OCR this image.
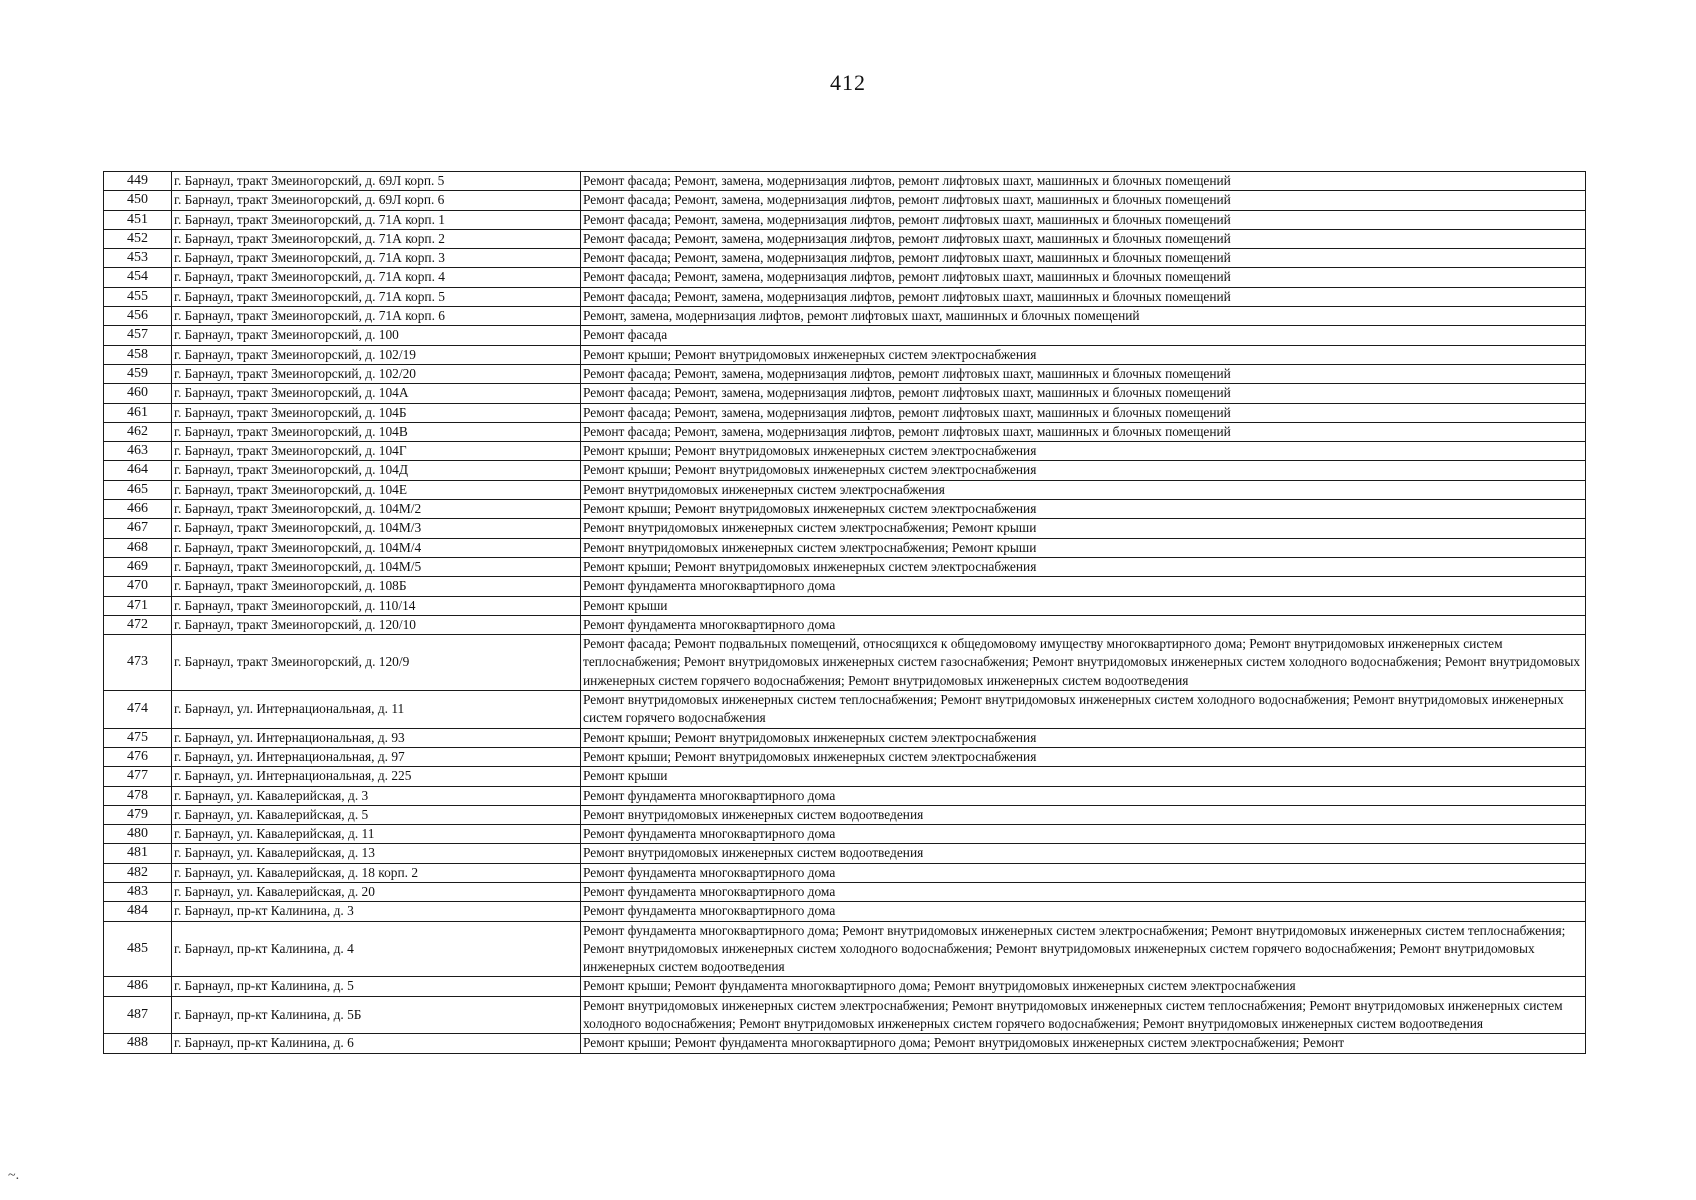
412
449	г. Барнаул, тракт Змеиногорский, д. 69Л корп. 5	Ремонт фасада; Ремонт, замена, модернизация лифтов, ремонт лифтовых шахт, машинных и блочных помещений
450	г. Барнаул, тракт Змеиногорский, д. 69Л корп. 6	Ремонт фасада; Ремонт, замена, модернизация лифтов, ремонт лифтовых шахт, машинных и блочных помещений
451	г. Барнаул, тракт Змеиногорский, д. 71А корп. 1	Ремонт фасада; Ремонт, замена, модернизация лифтов, ремонт лифтовых шахт, машинных и блочных помещений
452	г. Барнаул, тракт Змеиногорский, д. 71А корп. 2	Ремонт фасада; Ремонт, замена, модернизация лифтов, ремонт лифтовых шахт, машинных и блочных помещений
453	г. Барнаул, тракт Змеиногорский, д. 71А корп. 3	Ремонт фасада; Ремонт, замена, модернизация лифтов, ремонт лифтовых шахт, машинных и блочных помещений
454	г. Барнаул, тракт Змеиногорский, д. 71А корп. 4	Ремонт фасада; Ремонт, замена, модернизация лифтов, ремонт лифтовых шахт, машинных и блочных помещений
455	г. Барнаул, тракт Змеиногорский, д. 71А корп. 5	Ремонт фасада; Ремонт, замена, модернизация лифтов, ремонт лифтовых шахт, машинных и блочных помещений
456	г. Барнаул, тракт Змеиногорский, д. 71А корп. 6	Ремонт, замена, модернизация лифтов, ремонт лифтовых шахт, машинных и блочных помещений
457	г. Барнаул, тракт Змеиногорский, д. 100	Ремонт фасада
458	г. Барнаул, тракт Змеиногорский, д. 102/19	Ремонт крыши; Ремонт внутридомовых инженерных систем электроснабжения
459	г. Барнаул, тракт Змеиногорский, д. 102/20	Ремонт фасада; Ремонт, замена, модернизация лифтов, ремонт лифтовых шахт, машинных и блочных помещений
460	г. Барнаул, тракт Змеиногорский, д. 104А	Ремонт фасада; Ремонт, замена, модернизация лифтов, ремонт лифтовых шахт, машинных и блочных помещений
461	г. Барнаул, тракт Змеиногорский, д. 104Б	Ремонт фасада; Ремонт, замена, модернизация лифтов, ремонт лифтовых шахт, машинных и блочных помещений
462	г. Барнаул, тракт Змеиногорский, д. 104В	Ремонт фасада; Ремонт, замена, модернизация лифтов, ремонт лифтовых шахт, машинных и блочных помещений
463	г. Барнаул, тракт Змеиногорский, д. 104Г	Ремонт крыши; Ремонт внутридомовых инженерных систем электроснабжения
464	г. Барнаул, тракт Змеиногорский, д. 104Д	Ремонт крыши; Ремонт внутридомовых инженерных систем электроснабжения
465	г. Барнаул, тракт Змеиногорский, д. 104Е	Ремонт внутридомовых инженерных систем электроснабжения
466	г. Барнаул, тракт Змеиногорский, д. 104М/2	Ремонт крыши; Ремонт внутридомовых инженерных систем электроснабжения
467	г. Барнаул, тракт Змеиногорский, д. 104М/3	Ремонт внутридомовых инженерных систем электроснабжения; Ремонт крыши
468	г. Барнаул, тракт Змеиногорский, д. 104М/4	Ремонт внутридомовых инженерных систем электроснабжения; Ремонт крыши
469	г. Барнаул, тракт Змеиногорский, д. 104М/5	Ремонт крыши; Ремонт внутридомовых инженерных систем электроснабжения
470	г. Барнаул, тракт Змеиногорский, д. 108Б	Ремонт фундамента многоквартирного дома
471	г. Барнаул, тракт Змеиногорский, д. 110/14	Ремонт крыши
472	г. Барнаул, тракт Змеиногорский, д. 120/10	Ремонт фундамента многоквартирного дома
473	г. Барнаул, тракт Змеиногорский, д. 120/9	Ремонт фасада; Ремонт подвальных помещений, относящихся к общедомовому имуществу многоквартирного дома; Ремонт внутридомовых инженерных систем теплоснабжения; Ремонт внутридомовых инженерных систем газоснабжения; Ремонт внутридомовых инженерных систем холодного водоснабжения; Ремонт внутридомовых инженерных систем горячего водоснабжения; Ремонт внутридомовых инженерных систем водоотведения
474	г. Барнаул, ул. Интернациональная, д. 11	Ремонт внутридомовых инженерных систем теплоснабжения; Ремонт внутридомовых инженерных систем холодного водоснабжения; Ремонт внутридомовых инженерных систем горячего водоснабжения
475	г. Барнаул, ул. Интернациональная, д. 93	Ремонт крыши; Ремонт внутридомовых инженерных систем электроснабжения
476	г. Барнаул, ул. Интернациональная, д. 97	Ремонт крыши; Ремонт внутридомовых инженерных систем электроснабжения
477	г. Барнаул, ул. Интернациональная, д. 225	Ремонт крыши
478	г. Барнаул, ул. Кавалерийская, д. 3	Ремонт фундамента многоквартирного дома
479	г. Барнаул, ул. Кавалерийская, д. 5	Ремонт внутридомовых инженерных систем водоотведения
480	г. Барнаул, ул. Кавалерийская, д. 11	Ремонт фундамента многоквартирного дома
481	г. Барнаул, ул. Кавалерийская, д. 13	Ремонт внутридомовых инженерных систем водоотведения
482	г. Барнаул, ул. Кавалерийская, д. 18 корп. 2	Ремонт фундамента многоквартирного дома
483	г. Барнаул, ул. Кавалерийская, д. 20	Ремонт фундамента многоквартирного дома
484	г. Барнаул, пр-кт Калинина, д. 3	Ремонт фундамента многоквартирного дома
485	г. Барнаул, пр-кт Калинина, д. 4	Ремонт фундамента многоквартирного дома; Ремонт внутридомовых инженерных систем электроснабжения; Ремонт внутридомовых инженерных систем теплоснабжения; Ремонт внутридомовых инженерных систем холодного водоснабжения; Ремонт внутридомовых инженерных систем горячего водоснабжения; Ремонт внутридомовых инженерных систем водоотведения
486	г. Барнаул, пр-кт Калинина, д. 5	Ремонт крыши; Ремонт фундамента многоквартирного дома; Ремонт внутридомовых инженерных систем электроснабжения
487	г. Барнаул, пр-кт Калинина, д. 5Б	Ремонт внутридомовых инженерных систем электроснабжения; Ремонт внутридомовых инженерных систем теплоснабжения; Ремонт внутридомовых инженерных систем холодного водоснабжения; Ремонт внутридомовых инженерных систем горячего водоснабжения; Ремонт внутридомовых инженерных систем водоотведения
488	г. Барнаул, пр-кт Калинина, д. 6	Ремонт крыши; Ремонт фундамента многоквартирного дома; Ремонт внутридомовых инженерных систем электроснабжения; Ремонт
~.
